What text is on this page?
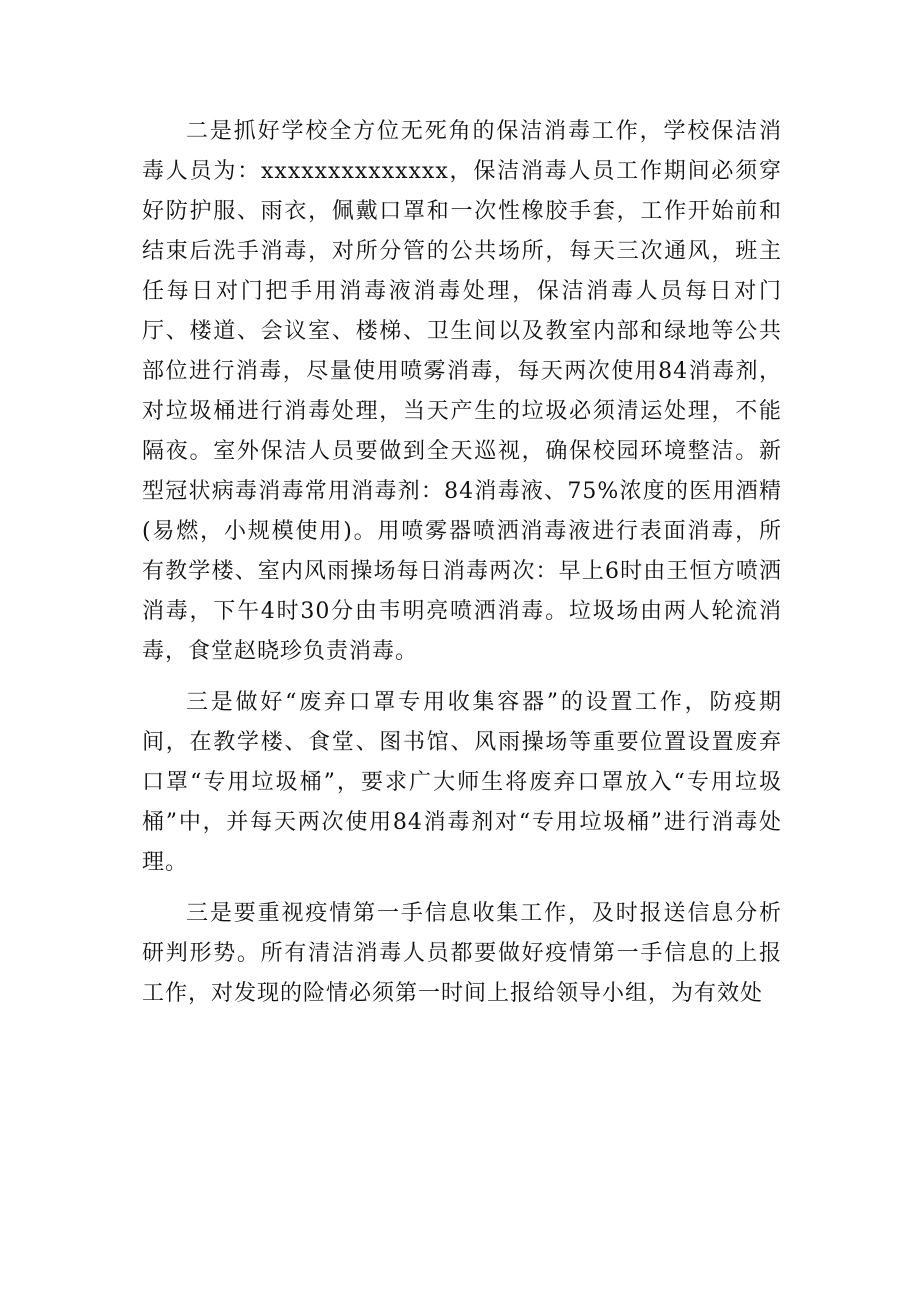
二是抓好学校全方位无死角的保洁消毒工作，学校保洁消毒人员为：xxxxxxxxxxxxxx，保洁消毒人员工作期间必须穿好防护服、雨衣，佩戴口罩和一次性橡胶手套，工作开始前和结束后洗手消毒，对所分管的公共场所，每天三次通风，班主任每日对门把手用消毒液消毒处理，保洁消毒人员每日对门厅、楼道、会议室、楼梯、卫生间以及教室内部和绿地等公共部位进行消毒，尽量使用喷雾消毒，每天两次使用84消毒剂，对垃圾桶进行消毒处理，当天产生的垃圾必须清运处理，不能隔夜。室外保洁人员要做到全天巡视，确保校园环境整洁。新型冠状病毒消毒常用消毒剂：84消毒液、75%浓度的医用酒精(易燃，小规模使用)。用喷雾器喷洒消毒液进行表面消毒，所有教学楼、室内风雨操场每日消毒两次：早上6时由王恒方喷洒消毒，下午4时30分由韦明亮喷洒消毒。垃圾场由两人轮流消毒，食堂赵晓珍负责消毒。

三是做好“废弃口罩专用收集容器”的设置工作，防疫期间，在教学楼、食堂、图书馆、风雨操场等重要位置设置废弃口罩“专用垃圾桶”，要求广大师生将废弃口罩放入“专用垃圾桶”中，并每天两次使用84消毒剂对“专用垃圾桶”进行消毒处理。

三是要重视疫情第一手信息收集工作，及时报送信息分析研判形势。所有清洁消毒人员都要做好疫情第一手信息的上报工作，对发现的险情必须第一时间上报给领导小组，为有效处
